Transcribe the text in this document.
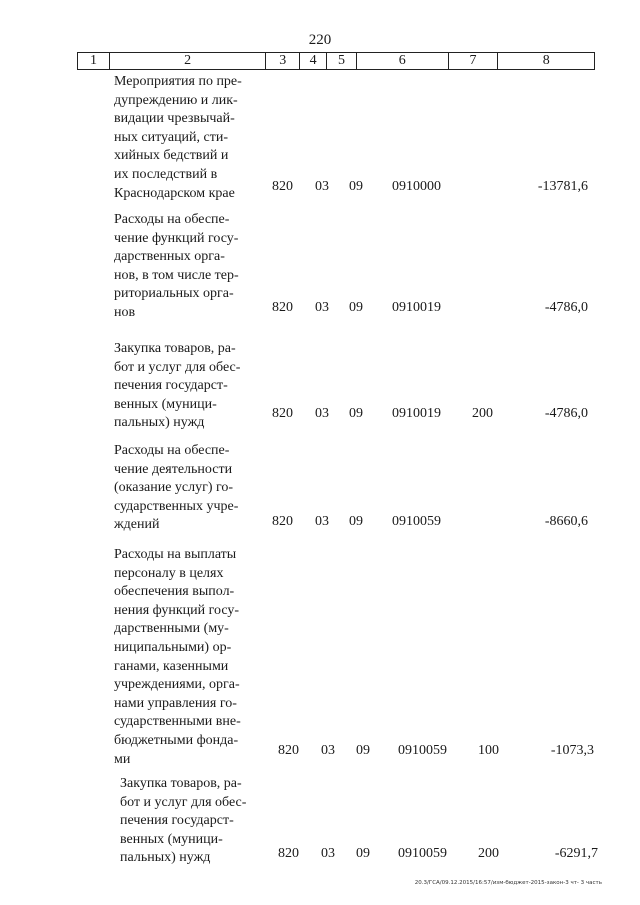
220
1	2	3	4	5	6	7	8
Мероприятия по пре-
дупреждению и лик-
видации чрезвычай-
ных ситуаций, сти-
хийных бедствий и
их последствий в
Краснодарском крае	820 03 09 0910000	-13781,6
Расходы на обеспе-
чение функций госу-
дарственных орга-
нов, в том числе тер-
риториальных орга-
нов	820 03 09 0910019	-4786,0
Закупка товаров, ра-
бот и услуг для обес-
печения государст-
венных (муници-
пальных) нужд
820 03 09 0910019 200	-4786,0
Расходы на обеспе-
чение деятельности
(оказание услуг) го-
сударственных учре-
ждений	820 03 09 0910059	-8660,6
Расходы на выплаты
персоналу в целях
обеспечения выпол-
нения функций госу-
дарственными (му-
ниципальными) ор-
ганами, казенными
учреждениями, орга-
нами управления го-
сударственными вне-
бюджетными фонда-
ми
820 03 09 0910059 100	-1073,3
Закупка товаров, ра-
бот и услуг для обес-
печения государст-
венных (муници-
пальных) нужд	820 03 09 0910059 200	-6291,7
20.3/ГСА/09.12.2015/16:57/изм-бюджет-2015-закон-3 чт- 3 часть
